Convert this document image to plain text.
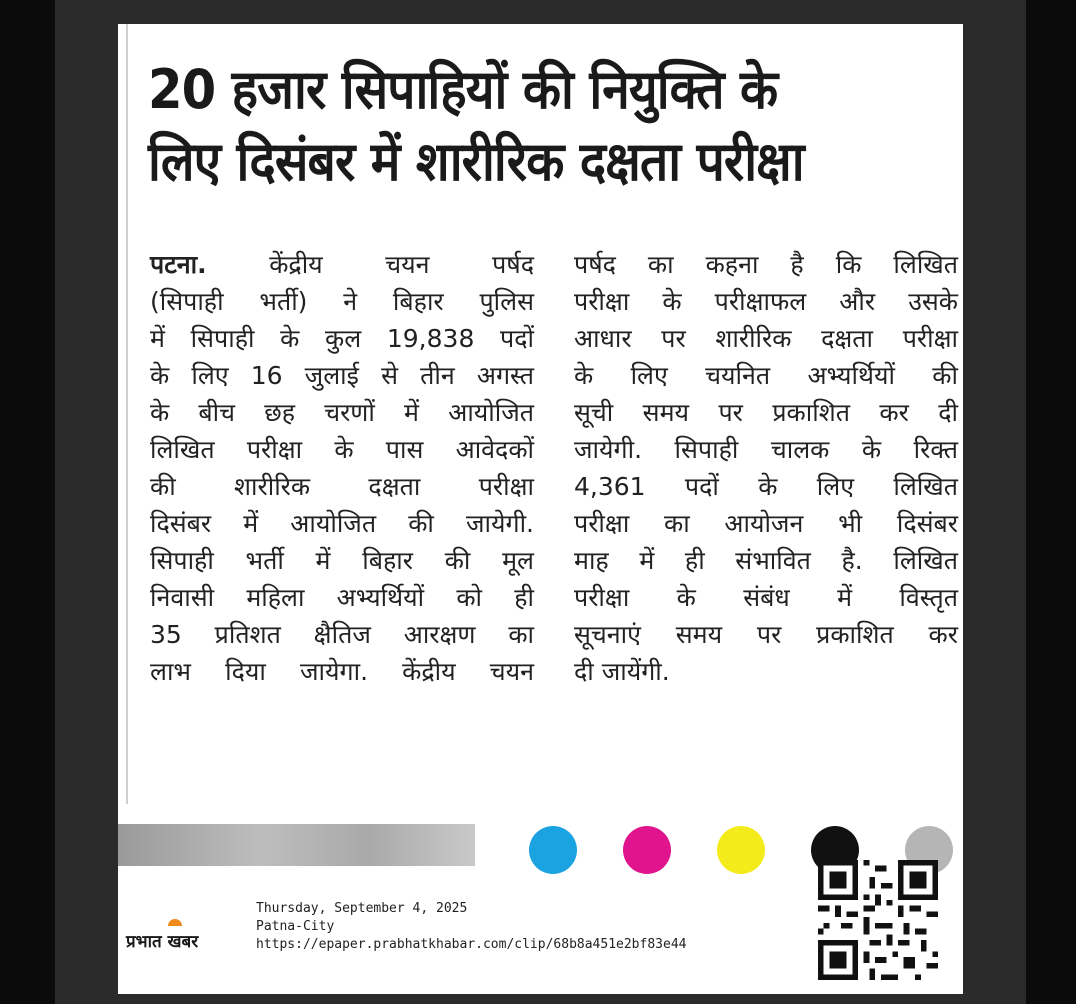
20 हजार सिपाहियों की नियुक्ति के
लिए दिसंबर में शारीरिक दक्षता परीक्षा
पटना.	केंद्रीय चयन पर्षद
(सिपाही भर्ती) ने बिहार पुलिस
में सिपाही के कुल 19,838 पदों
के लिए 16 जुलाई से तीन अगस्त
के बीच छह चरणों में आयोजित
लिखित परीक्षा के पास आवेदकों
की शारीरिक दक्षता परीक्षा
दिसंबर में आयोजित की जायेगी.
सिपाही भर्ती में बिहार की मूल
निवासी महिला अभ्यर्थियों को ही
35 प्रतिशत क्षैतिज आरक्षण का
लाभ दिया जायेगा. केंद्रीय चयन
पर्षद का कहना है कि लिखित
परीक्षा के परीक्षाफल और उसके
आधार पर शारीरिक दक्षता परीक्षा
के लिए चयनित अभ्यर्थियों की
सूची समय पर प्रकाशित कर दी
जायेगी. सिपाही चालक के रिक्त
4,361 पदों के लिए लिखित
परीक्षा का आयोजन भी दिसंबर
माह में ही संभावित है. लिखित
परीक्षा के संबंध में विस्तृत
सूचनाएं समय पर प्रकाशित कर
दी जायेंगी.
प्रभात खबर
Thursday, September 4, 2025
Patna-City
https://epaper.prabhatkhabar.com/clip/68b8a451e2bf83e44
